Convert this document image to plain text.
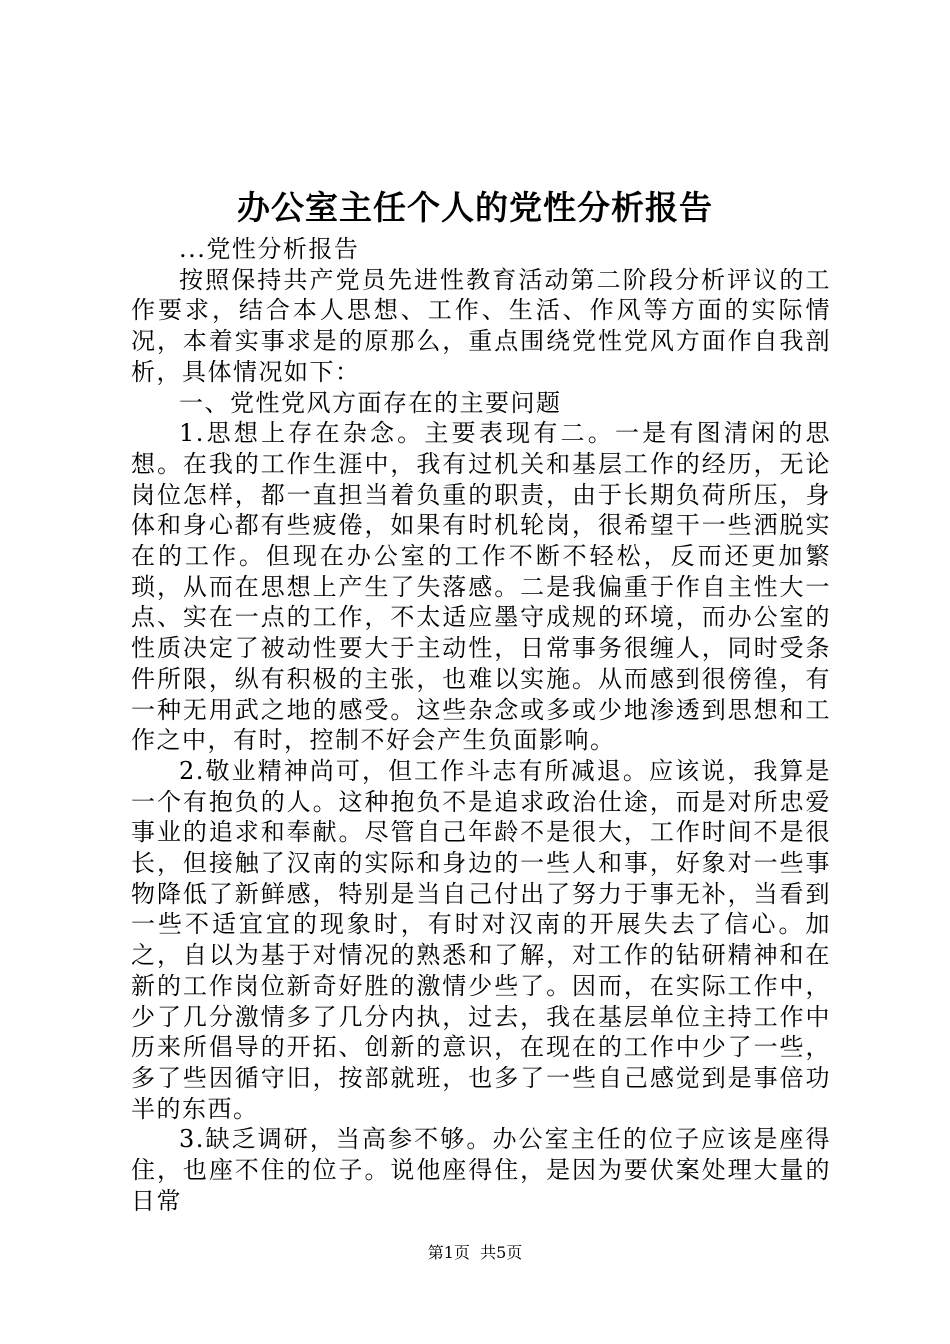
办公室主任个人的党性分析报告

...党性分析报告

按照保持共产党员先进性教育活动第二阶段分析评议的工作要求，结合本人思想、工作、生活、作风等方面的实际情况，本着实事求是的原那么，重点围绕党性党风方面作自我剖析，具体情况如下：

一、党性党风方面存在的主要问题

1.思想上存在杂念。主要表现有二。一是有图清闲的思想。在我的工作生涯中，我有过机关和基层工作的经历，无论岗位怎样，都一直担当着负重的职责，由于长期负荷所压，身体和身心都有些疲倦，如果有时机轮岗，很希望干一些洒脱实在的工作。但现在办公室的工作不断不轻松，反而还更加繁琐，从而在思想上产生了失落感。二是我偏重于作自主性大一点、实在一点的工作，不太适应墨守成规的环境，而办公室的性质决定了被动性要大于主动性，日常事务很缠人，同时受条件所限，纵有积极的主张，也难以实施。从而感到很傍徨，有一种无用武之地的感受。这些杂念或多或少地渗透到思想和工作之中，有时，控制不好会产生负面影响。

2.敬业精神尚可，但工作斗志有所减退。应该说，我算是一个有抱负的人。这种抱负不是追求政治仕途，而是对所忠爱事业的追求和奉献。尽管自己年龄不是很大，工作时间不是很长，但接触了汉南的实际和身边的一些人和事，好象对一些事物降低了新鲜感，特别是当自己付出了努力于事无补，当看到一些不适宜宜的现象时，有时对汉南的开展失去了信心。加之，自以为基于对情况的熟悉和了解，对工作的钻研精神和在新的工作岗位新奇好胜的激情少些了。因而，在实际工作中，少了几分激情多了几分内执，过去，我在基层单位主持工作中历来所倡导的开拓、创新的意识，在现在的工作中少了一些，多了些因循守旧，按部就班，也多了一些自己感觉到是事倍功半的东西。

3.缺乏调研，当高参不够。办公室主任的位子应该是座得住，也座不住的位子。说他座得住，是因为要伏案处理大量的日常

第1页  共5页
